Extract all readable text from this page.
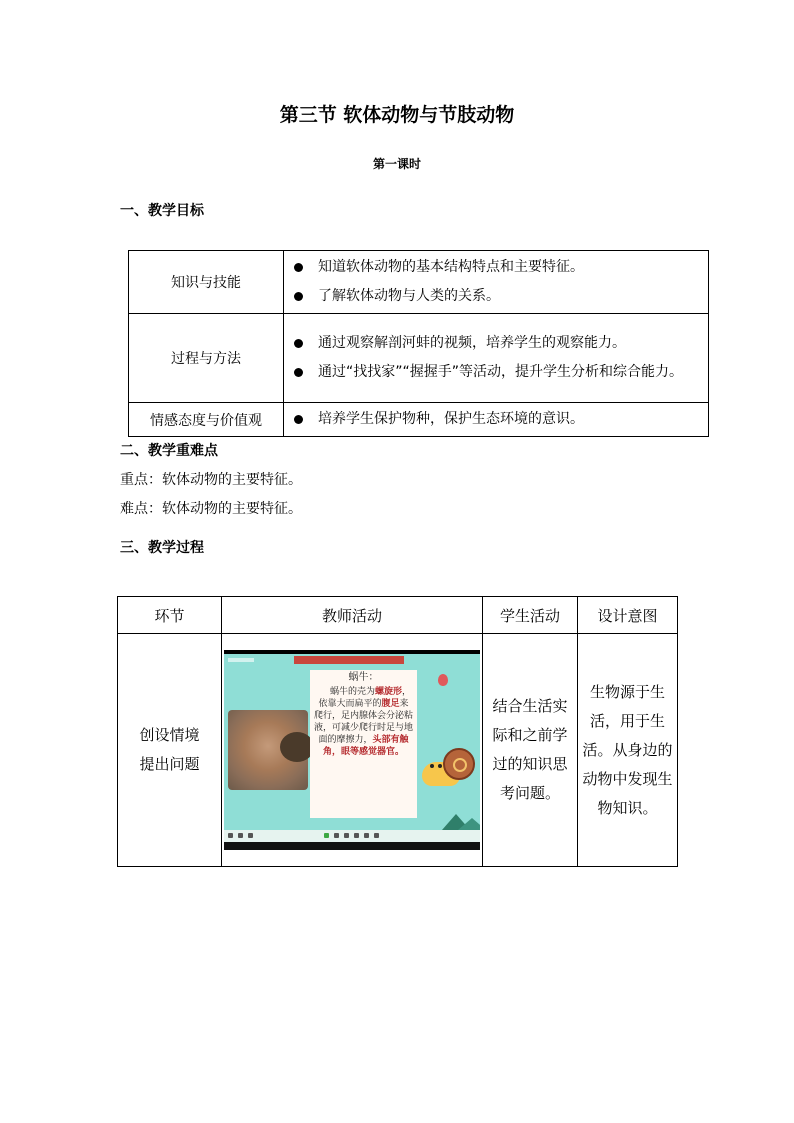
第三节 软体动物与节肢动物
第一课时
一、教学目标
知识与技能	知道软体动物的基本结构特点和主要特征。
了解软体动物与人类的关系。

过程与方法	通过观察解剖河蚌的视频，培养学生的观察能力。
通过“找找家”“握握手”等活动，提升学生分析和综合能力。

情感态度与价值观	培养学生保护物种，保护生态环境的意识。
二、教学重难点
重点：软体动物的主要特征。
难点：软体动物的主要特征。
三、教学过程
环节	教师活动	学生活动	设计意图

创设情境提出问题	蜗牛：

蜗牛的壳为螺旋形，依靠大而扁平的腹足来爬行，足内腺体会分泌粘液，可减少爬行时足与地面的摩擦力，头部有触角，眼等感觉器官。	结合生活实际和之前学过的知识思考问题。	生物源于生活，用于生活。从身边的动物中发现生物知识。
